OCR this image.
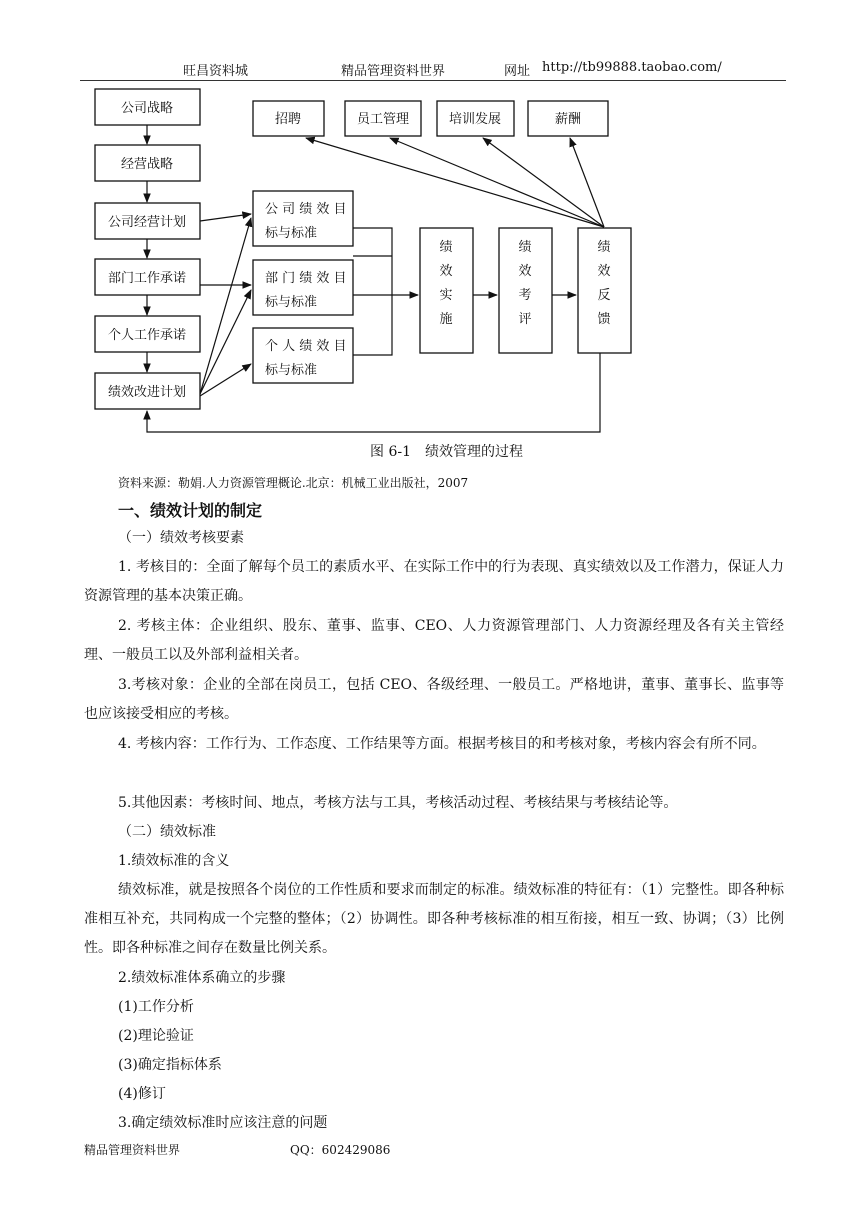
旺昌资料城	精品管理资料世界	网址 http://tb99888.taobao.com/
公司战略
经营战略
公司经营计划
部门工作承诺
个人工作承诺
绩效改进计划
公 司 绩 效 目
标与标准
部 门 绩 效 目
标与标准
个 人 绩 效 目
标与标准
绩
效
实
施
绩
效
考
评
绩
效
反
馈
招聘	员工管理	培训发展	薪酬
图 6-1　绩效管理的过程
资料来源：勒娟.人力资源管理概论.北京：机械工业出版社，2007
一、绩效计划的制定
（一）绩效考核要素
1. 考核目的：全面了解每个员工的素质水平、在实际工作中的行为表现、真实绩效以及工作潜力，保证人力资源管理的基本决策正确。
2. 考核主体：企业组织、股东、董事、监事、CEO、人力资源管理部门、人力资源经理及各有关主管经理、一般员工以及外部利益相关者。
3.考核对象：企业的全部在岗员工，包括 CEO、各级经理、一般员工。严格地讲，董事、董事长、监事等也应该接受相应的考核。
4. 考核内容：工作行为、工作态度、工作结果等方面。根据考核目的和考核对象，考核内容会有所不同。
5.其他因素：考核时间、地点，考核方法与工具，考核活动过程、考核结果与考核结论等。
（二）绩效标准
1.绩效标准的含义
绩效标准，就是按照各个岗位的工作性质和要求而制定的标准。绩效标准的特征有：（1）完整性。即各种标准相互补充，共同构成一个完整的整体；（2）协调性。即各种考核标准的相互衔接，相互一致、协调；（3）比例性。即各种标准之间存在数量比例关系。
2.绩效标准体系确立的步骤
(1)工作分析
(2)理论验证
(3)确定指标体系
(4)修订
3.确定绩效标准时应该注意的问题
精品管理资料世界	QQ：602429086
